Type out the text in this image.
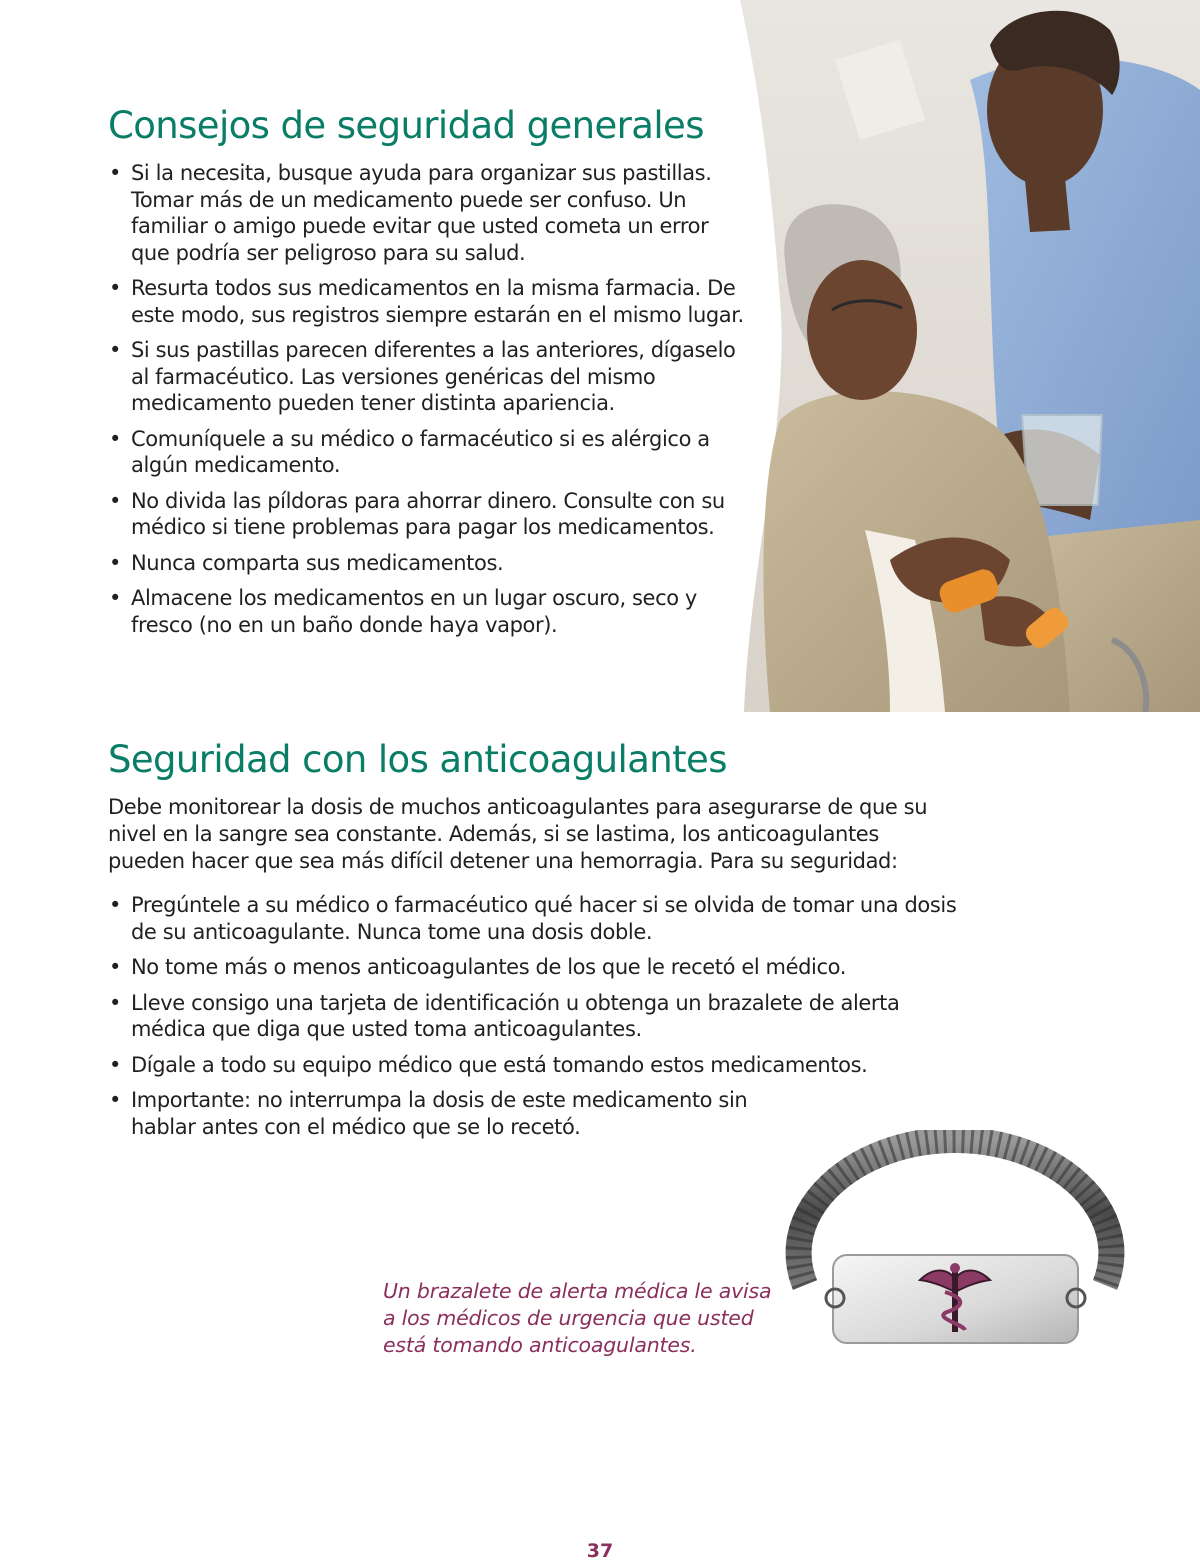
Consejos de seguridad generales
• Si la necesita, busque ayuda para organizar sus pastillas. Tomar más de un medicamento puede ser confuso. Un familiar o amigo puede evitar que usted cometa un error que podría ser peligroso para su salud.
• Resurta todos sus medicamentos en la misma farmacia. De este modo, sus registros siempre estarán en el mismo lugar.
• Si sus pastillas parecen diferentes a las anteriores, dígaselo al farmacéutico. Las versiones genéricas del mismo medicamento pueden tener distinta apariencia.
• Comuníquele a su médico o farmacéutico si es alérgico a algún medicamento.
• No divida las píldoras para ahorrar dinero. Consulte con su médico si tiene problemas para pagar los medicamentos.
• Nunca comparta sus medicamentos.
• Almacene los medicamentos en un lugar oscuro, seco y fresco (no en un baño donde haya vapor).
Seguridad con los anticoagulantes

Debe monitorear la dosis de muchos anticoagulantes para asegurarse de que su nivel en la sangre sea constante. Además, si se lastima, los anticoagulantes pueden hacer que sea más difícil detener una hemorragia. Para su seguridad:

• Pregúntele a su médico o farmacéutico qué hacer si se olvida de tomar una dosis de su anticoagulante. Nunca tome una dosis doble.
• No tome más o menos anticoagulantes de los que le recetó el médico.
• Lleve consigo una tarjeta de identificación u obtenga un brazalete de alerta médica que diga que usted toma anticoagulantes.
• Dígale a todo su equipo médico que está tomando estos medicamentos.
• Importante: no interrumpa la dosis de este medicamento sin hablar antes con el médico que se lo recetó.

Un brazalete de alerta médica le avisa a los médicos de urgencia que usted está tomando anticoagulantes.

37
